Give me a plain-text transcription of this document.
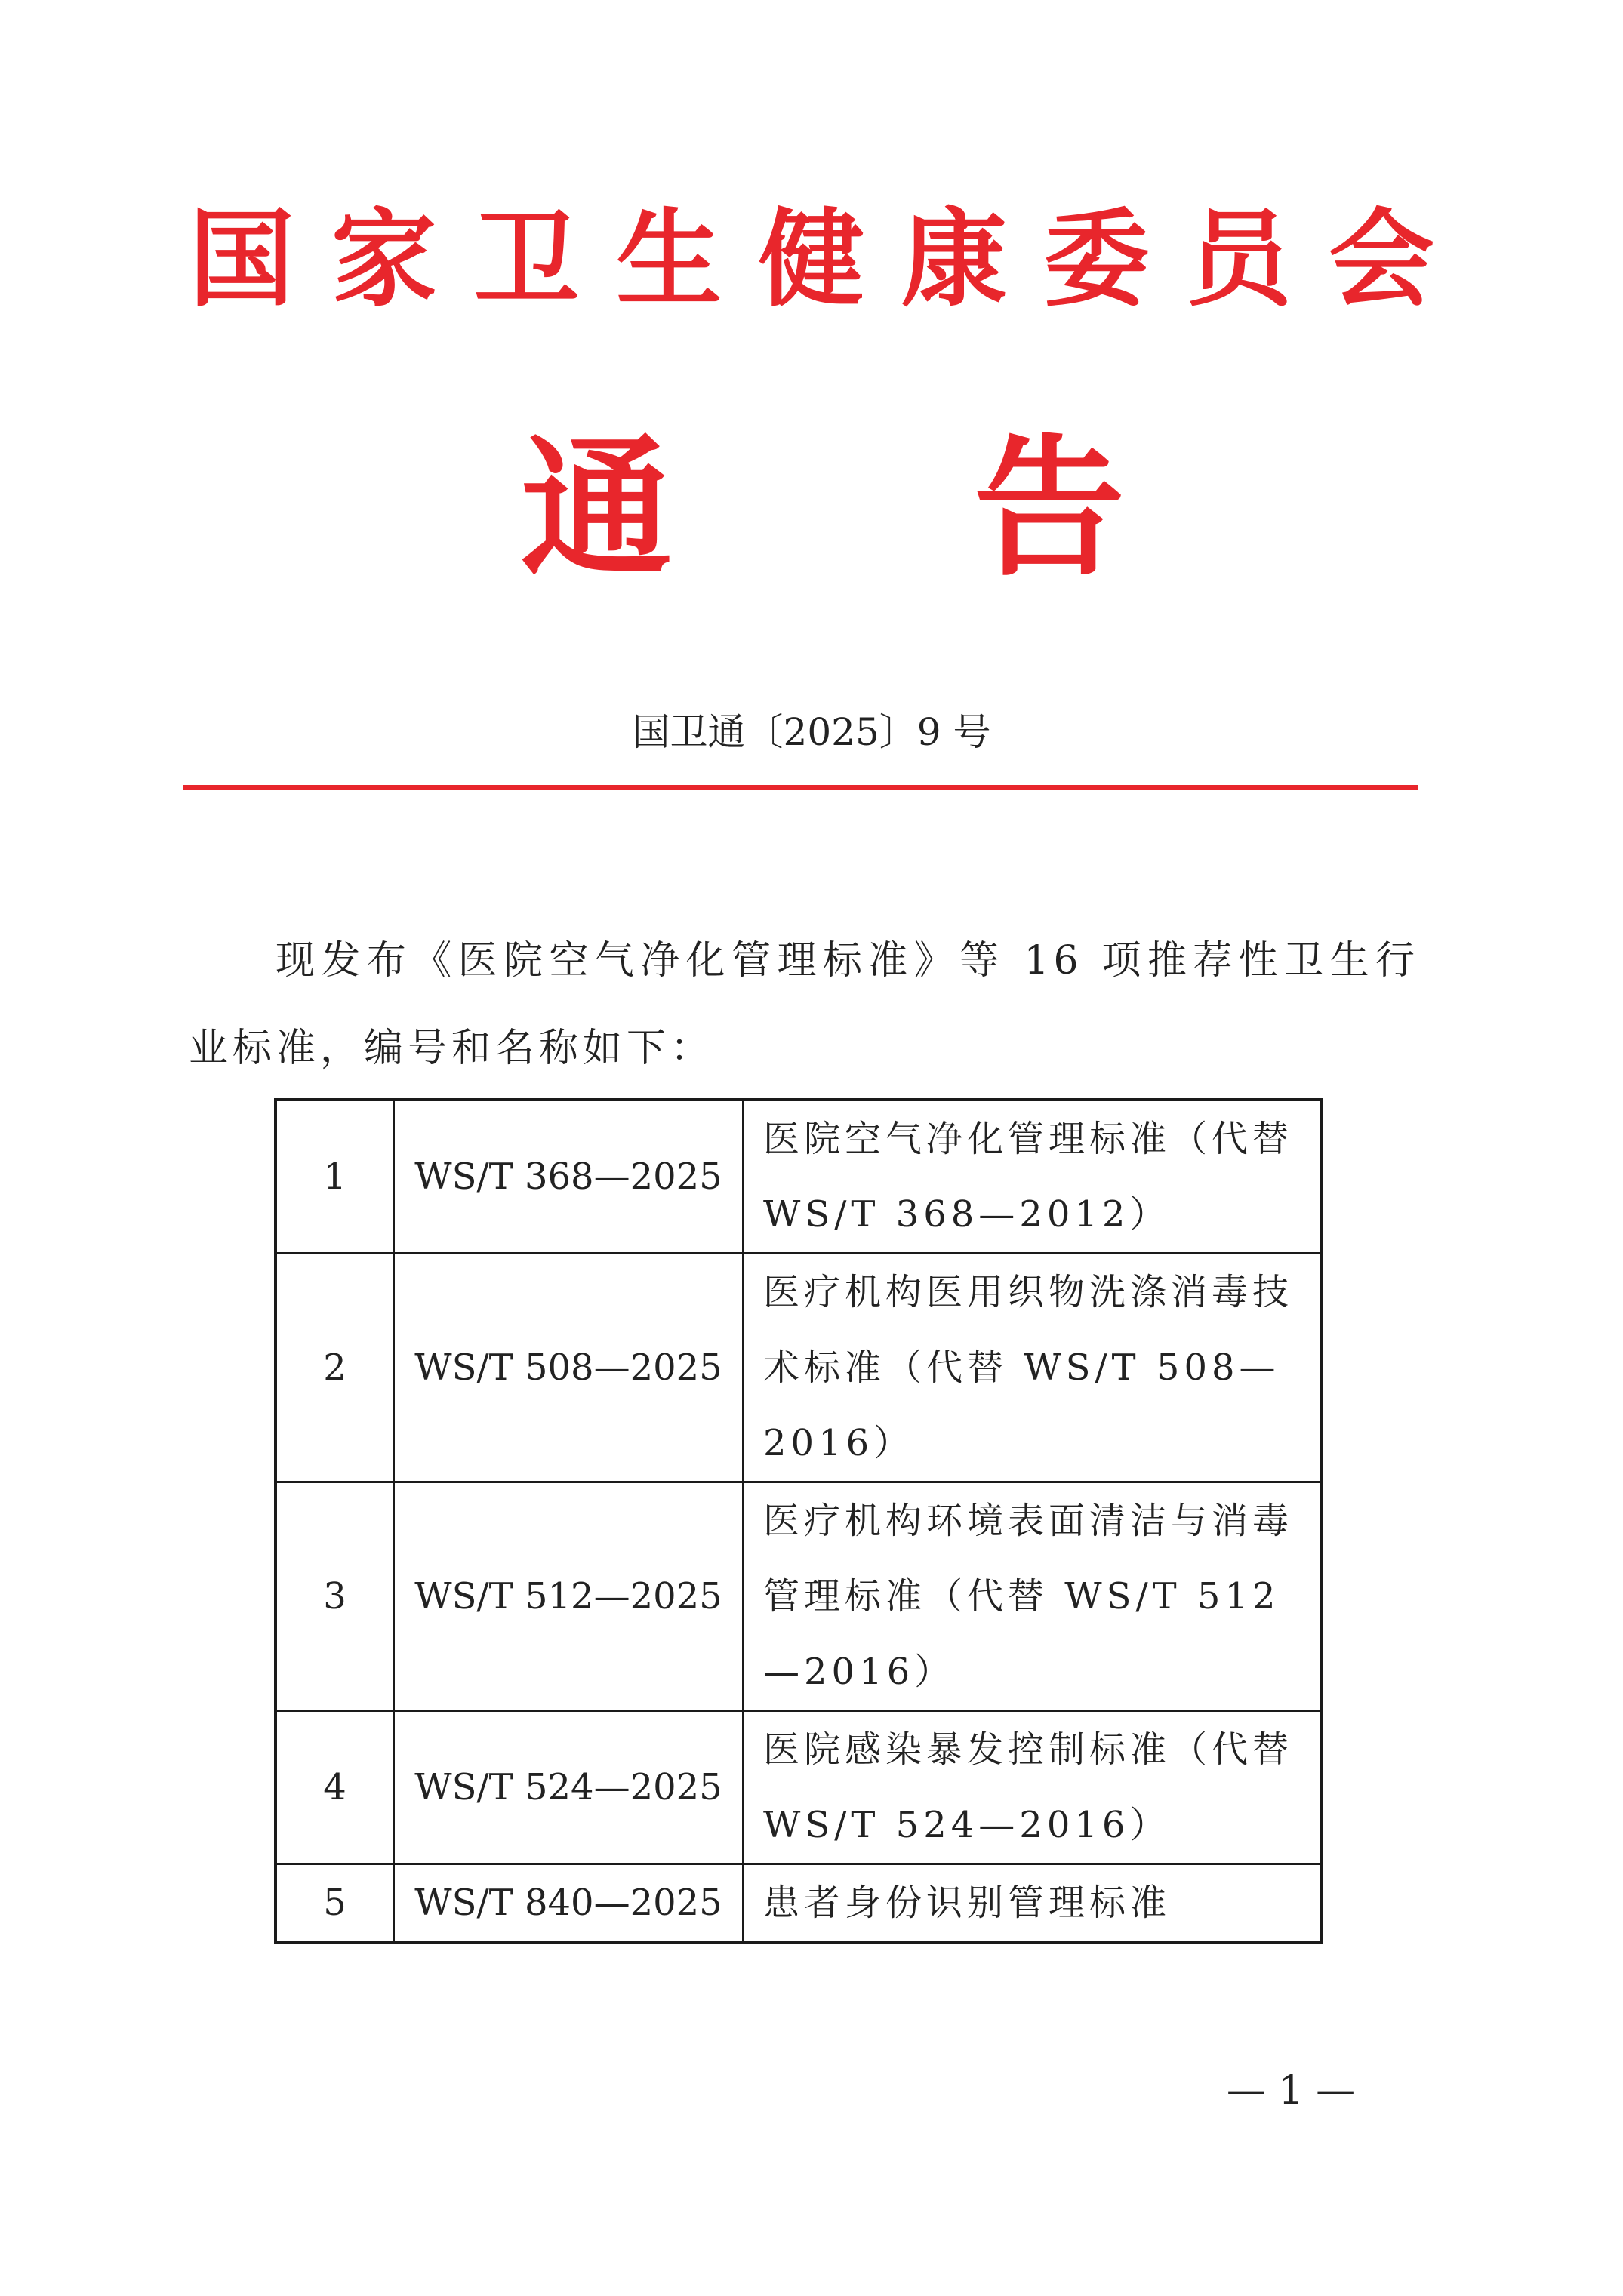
国家卫生健康委员会
通 告
国卫通〔2025〕9 号
现发布《医院空气净化管理标准》等 16 项推荐性卫生行业标准，编号和名称如下：
1	WS/T 368—2025	医院空气净化管理标准（代替 WS/T 368—2012）
2	WS/T 508—2025	医疗机构医用织物洗涤消毒技术标准（代替 WS/T 508—2016）
3	WS/T 512—2025	医疗机构环境表面清洁与消毒管理标准（代替 WS/T 512—2016）
4	WS/T 524—2025	医院感染暴发控制标准（代替 WS/T 524—2016）
5	WS/T 840—2025	患者身份识别管理标准
— 1 —
